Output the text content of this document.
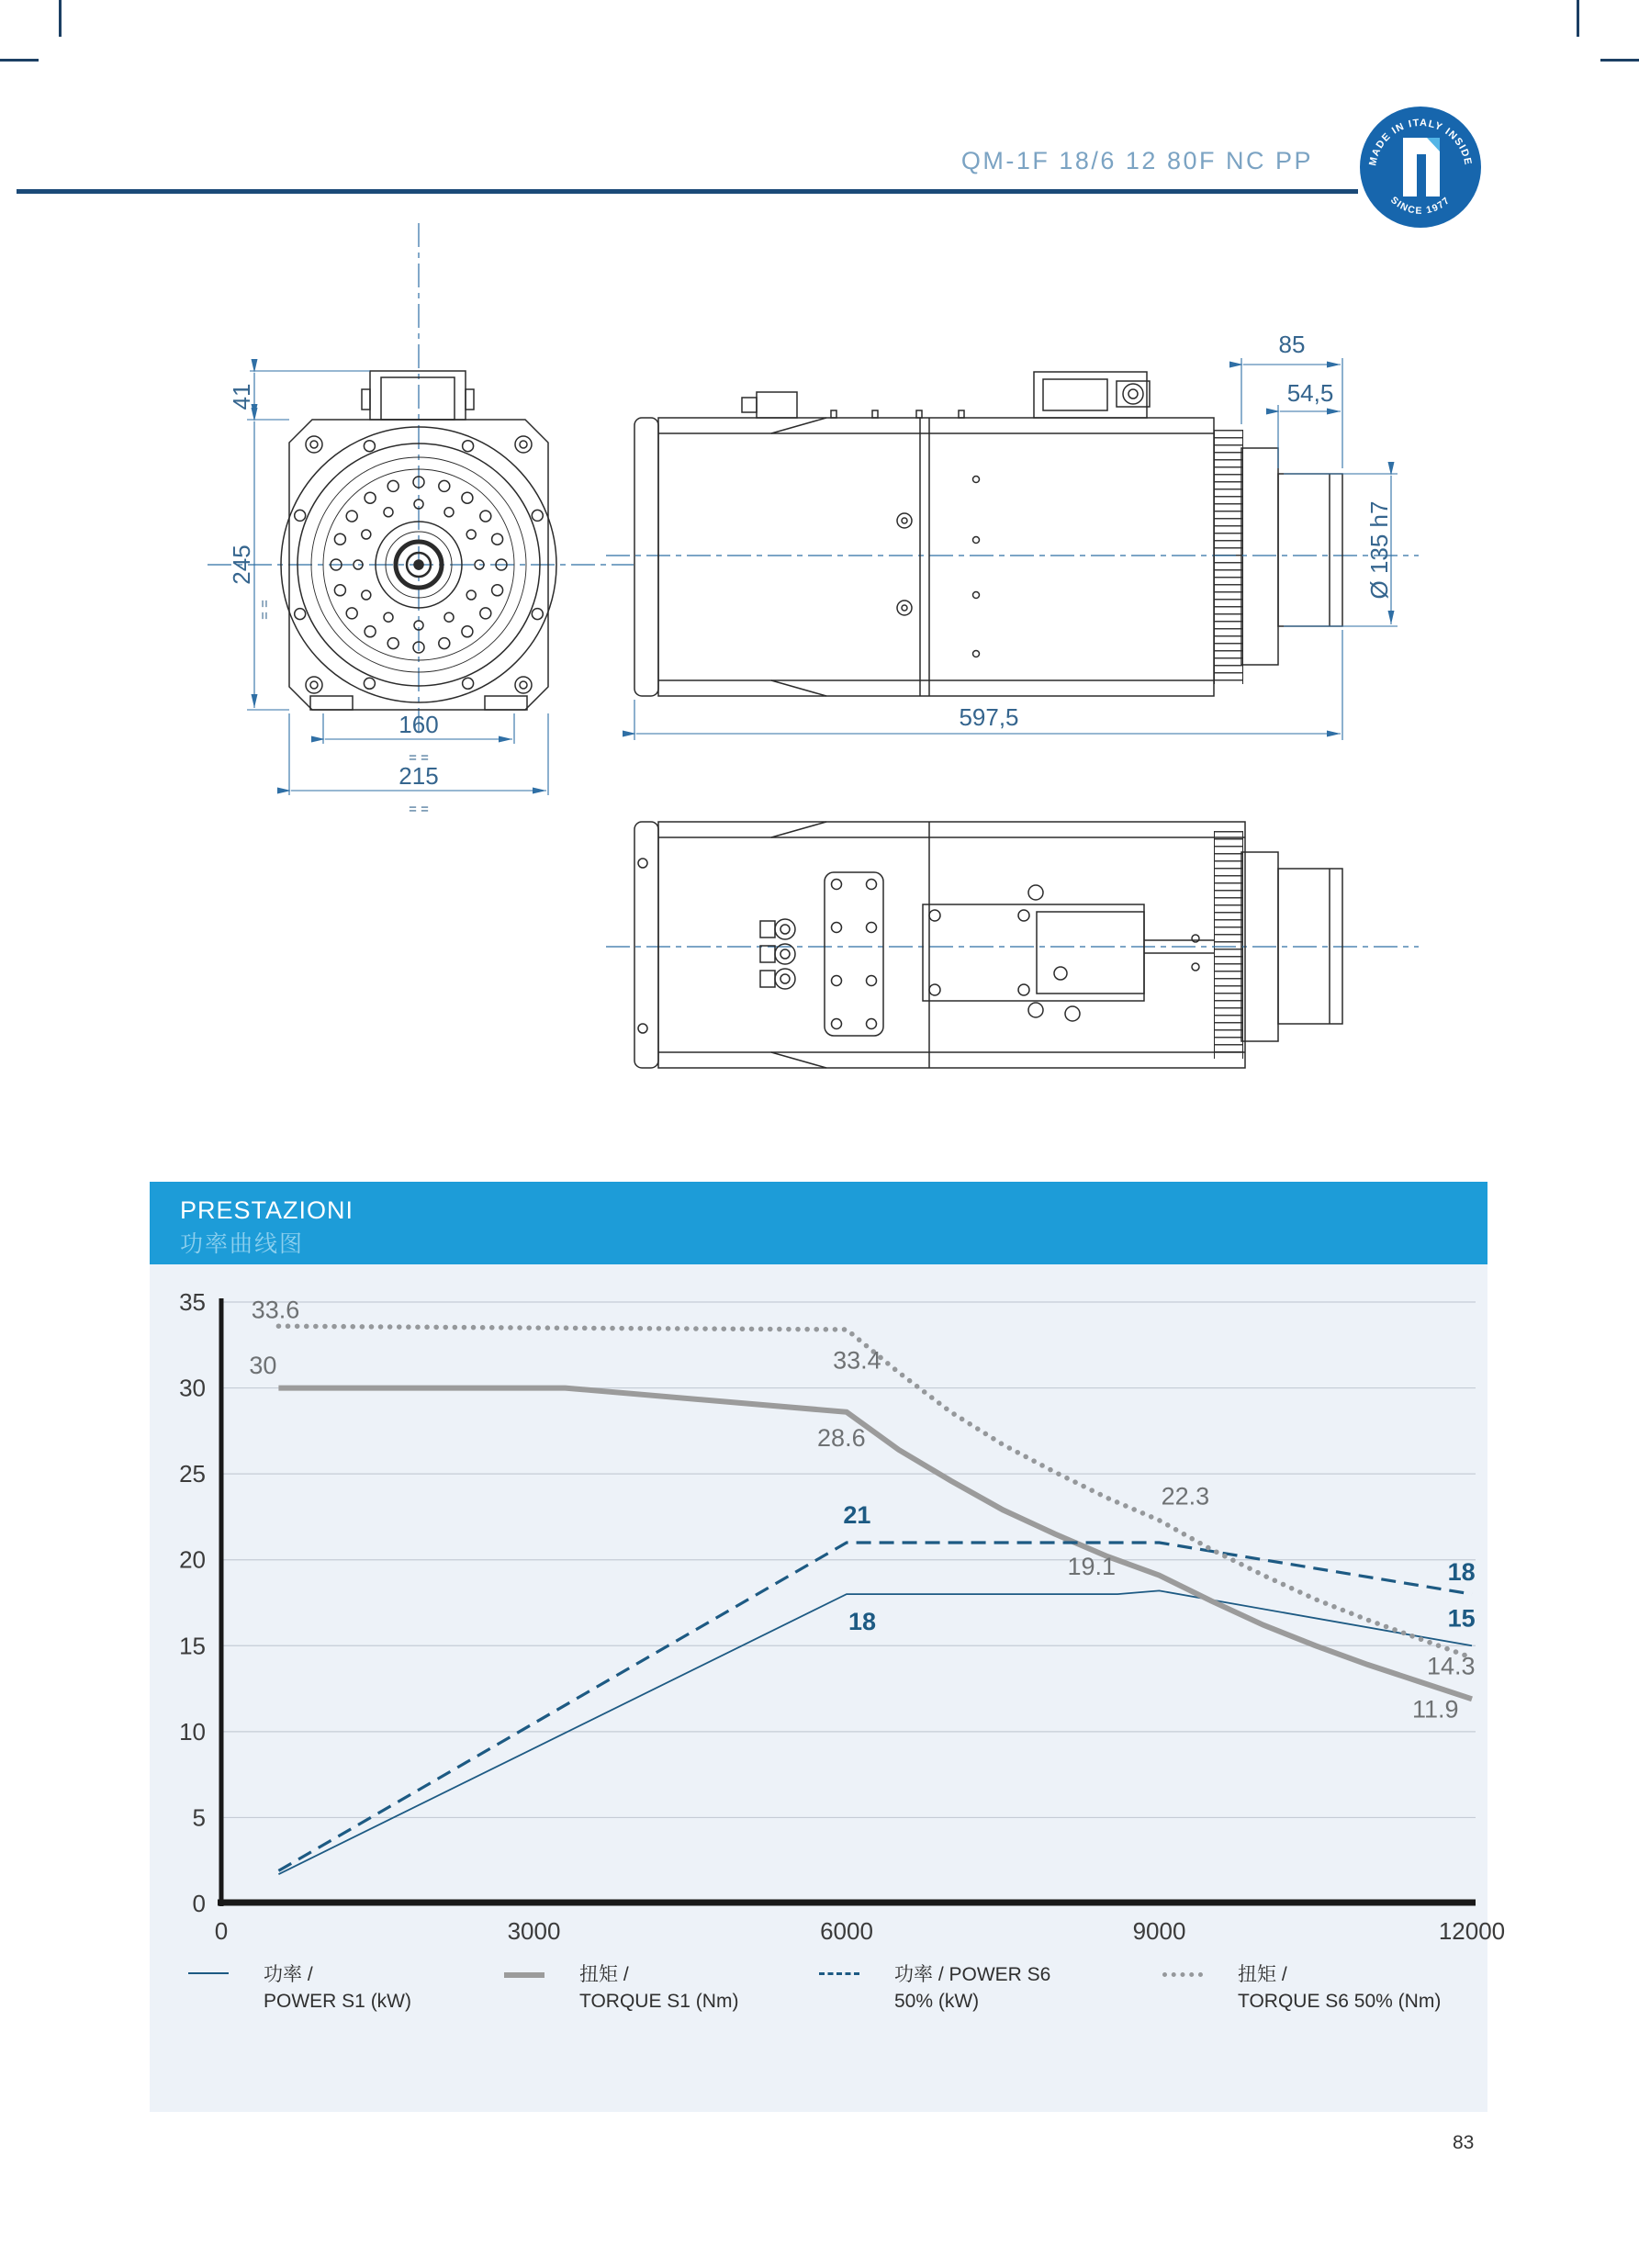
QM-1F 18/6 12 80F NC PP	MADE IN ITALY INSIDE
SINCE 1977
PRESTAZIONI
功率曲线图
41
245
= =
160
= =
215
= =
85
54,5
Ø 135 h7
597,5
0
5
10
15
20
25
30
35
0	3000	6000	9000	12000
33.6
30	33.4
28.6
22.3
21
19.1
18
18
15
14.3
11.9
功率 /
POWER S1 (kW)
扭矩 /
TORQUE S1 (Nm)
功率 / POWER S6
50% (kW)
扭矩 /
TORQUE S6 50% (Nm)
83
